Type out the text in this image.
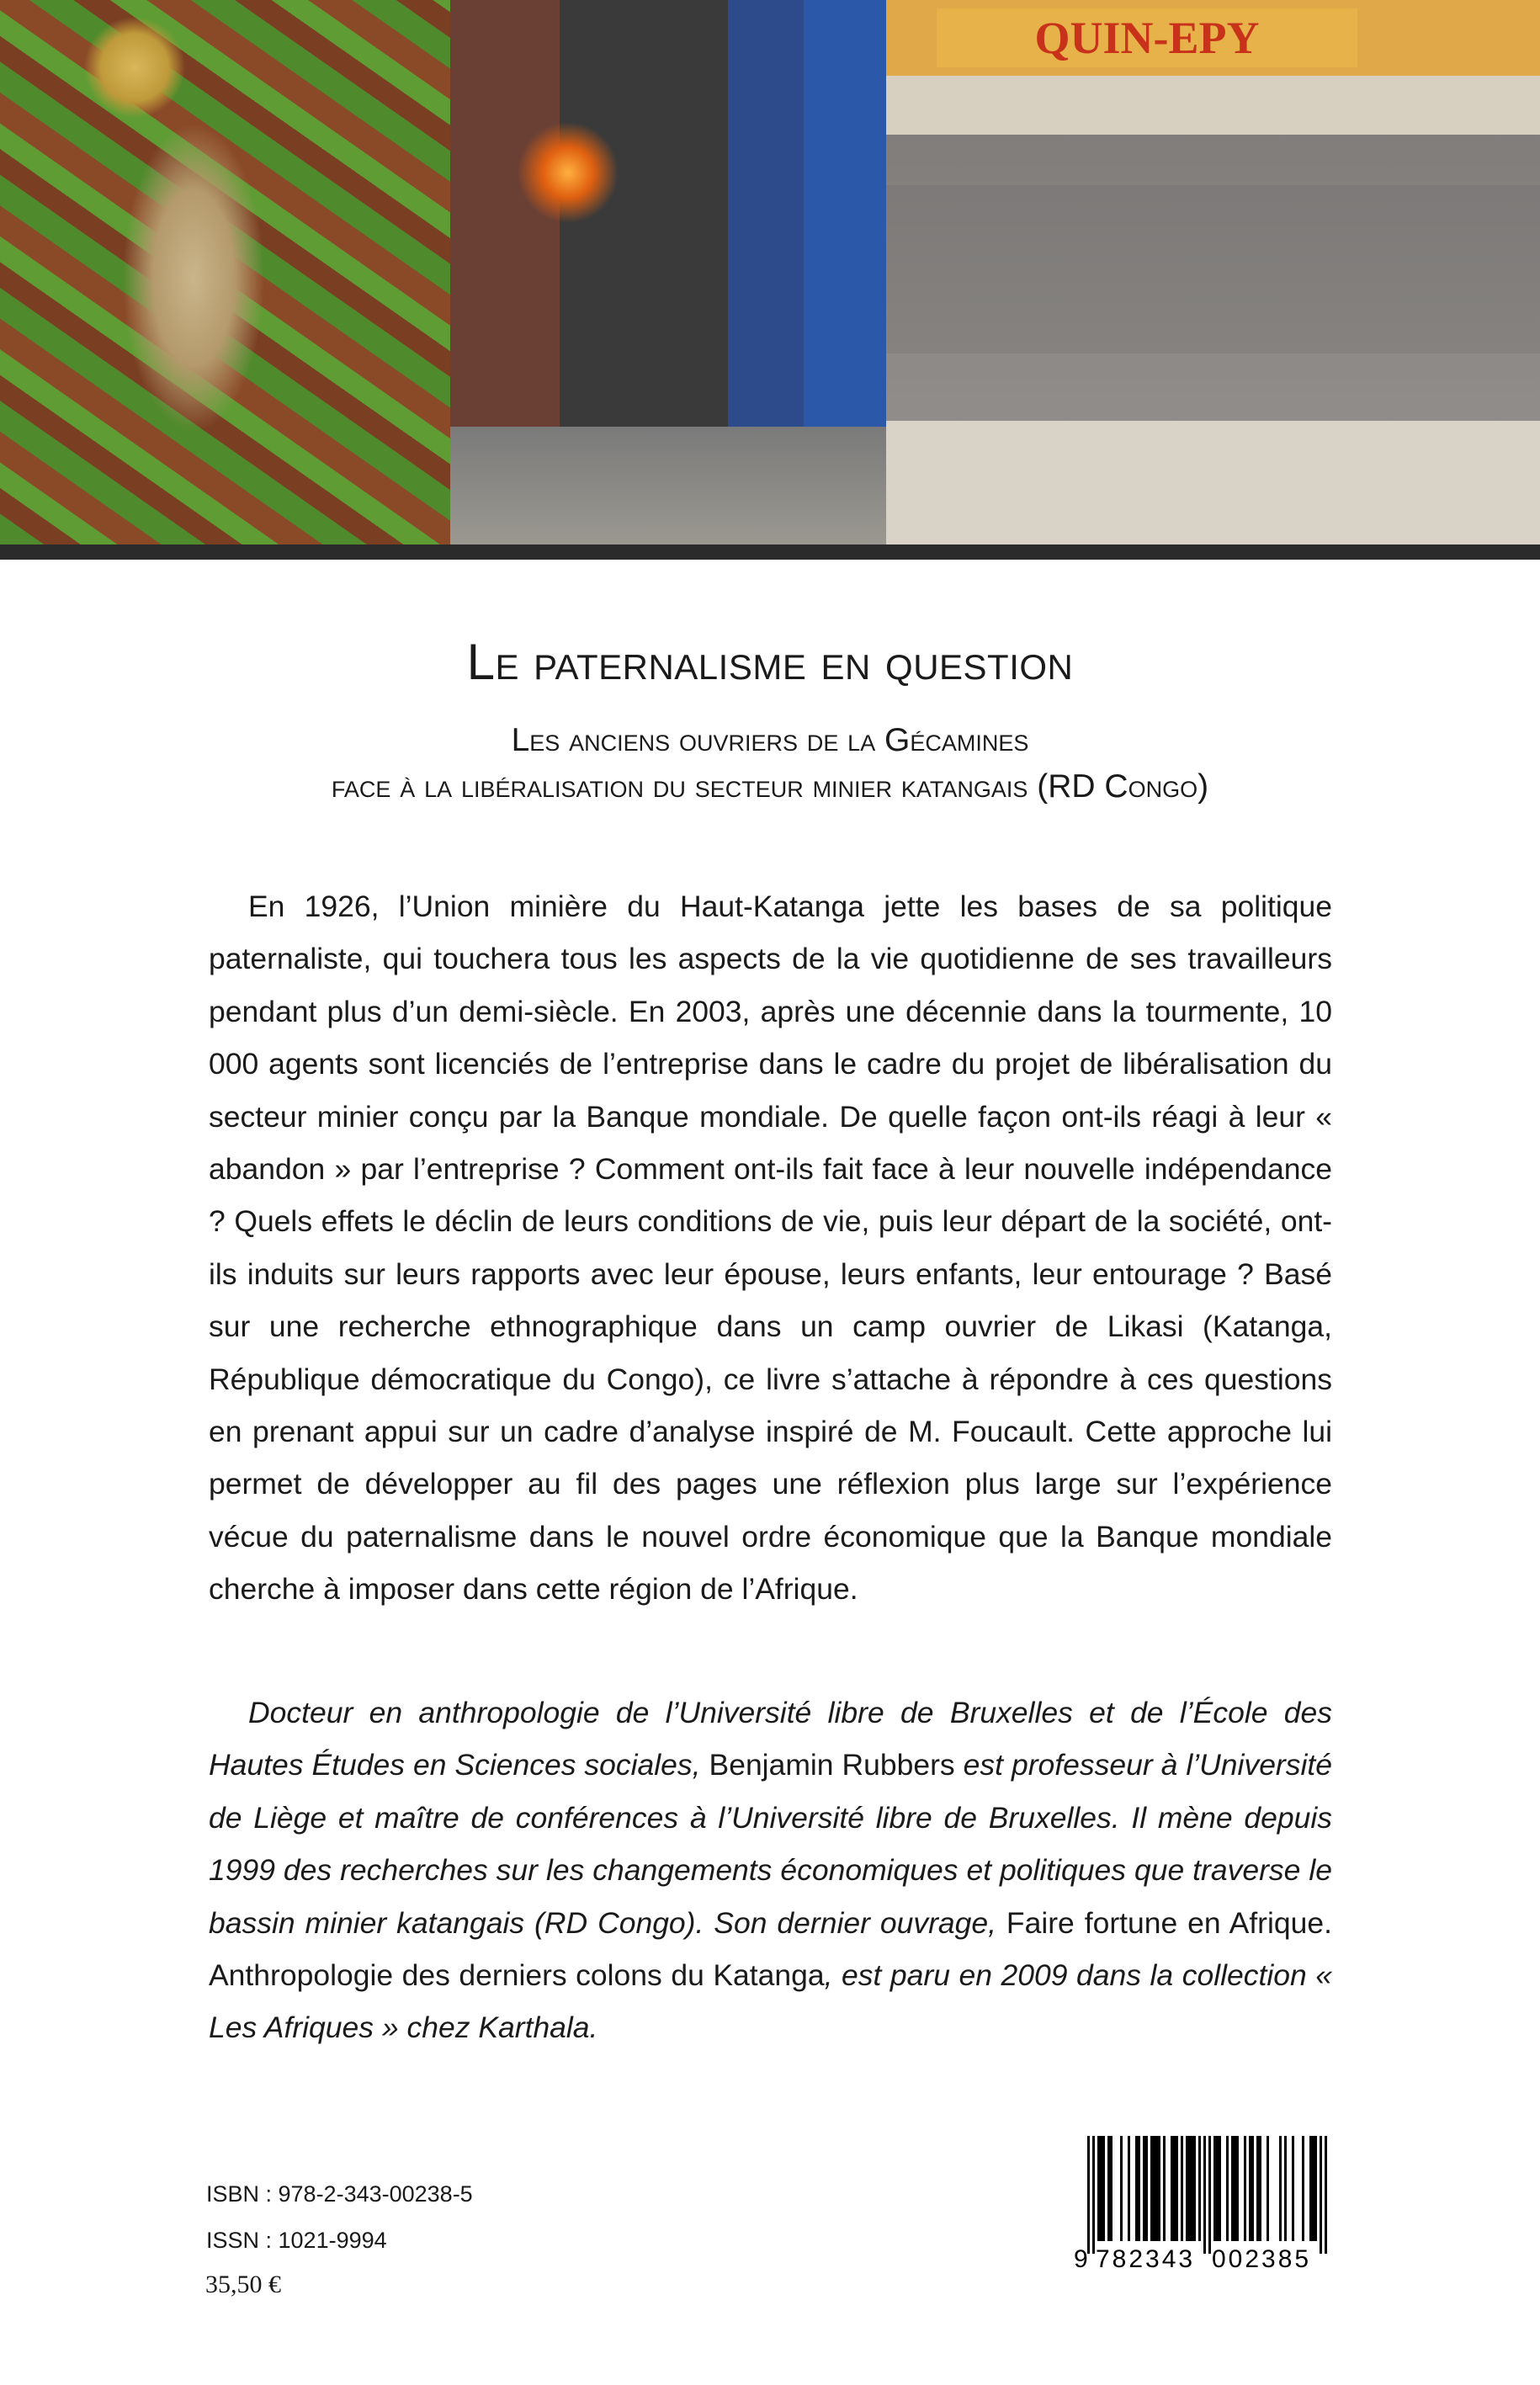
QUIN-EPY
Le paternalisme en question
Les anciens ouvriers de la Gécamines
face à la libéralisation du secteur minier katangais (RD Congo)

En 1926, l’Union minière du Haut-Katanga jette les bases de sa politique paternaliste, qui touchera tous les aspects de la vie quotidienne de ses travailleurs pendant plus d’un demi-siècle. En 2003, après une décennie dans la tourmente, 10 000 agents sont licenciés de l’entreprise dans le cadre du projet de libéralisation du secteur minier conçu par la Banque mondiale. De quelle façon ont-ils réagi à leur « abandon » par l’entreprise ? Comment ont-ils fait face à leur nouvelle indépendance ? Quels effets le déclin de leurs conditions de vie, puis leur départ de la société, ont-ils induits sur leurs rapports avec leur épouse, leurs enfants, leur entourage ? Basé sur une recherche ethnographique dans un camp ouvrier de Likasi (Katanga, République démocratique du Congo), ce livre s’attache à répondre à ces questions en prenant appui sur un cadre d’analyse inspiré de M. Foucault. Cette approche lui permet de développer au fil des pages une réflexion plus large sur l’expérience vécue du paternalisme dans le nouvel ordre économique que la Banque mondiale cherche à imposer dans cette région de l’Afrique.

Docteur en anthropologie de l’Université libre de Bruxelles et de l’École des Hautes Études en Sciences sociales, Benjamin Rubbers est professeur à l’Université de Liège et maître de conférences à l’Université libre de Bruxelles. Il mène depuis 1999 des recherches sur les changements économiques et politiques que traverse le bassin minier katangais (RD Congo). Son dernier ouvrage, Faire fortune en Afrique. Anthropologie des derniers colons du Katanga, est paru en 2009 dans la collection « Les Afriques » chez Karthala.

ISBN : 978-2-343-00238-5
ISSN : 1021-9994
35,50 €
9 782343 002385
